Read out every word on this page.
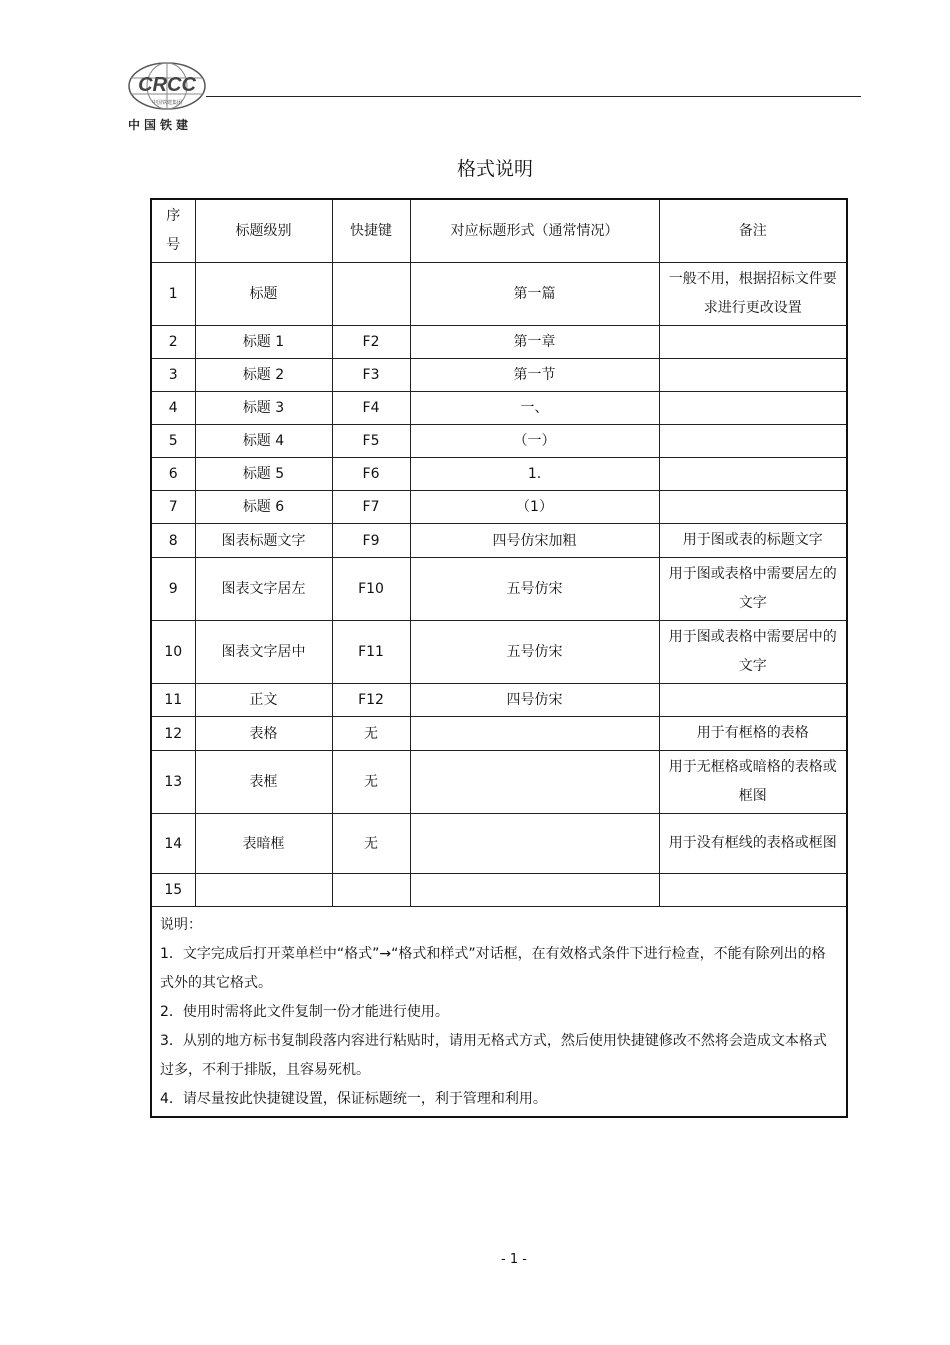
CRCC
中国铁建集团
中国铁建
格式说明
序号	标题级别	快捷键	对应标题形式（通常情况）	备注
1	标题		第一篇	一般不用，根据招标文件要求进行更改设置
2	标题 1	F2	第一章	
3	标题 2	F3	第一节	
4	标题 3	F4	一、	
5	标题 4	F5	（一）	
6	标题 5	F6	1.	
7	标题 6	F7	（1）	
8	图表标题文字	F9	四号仿宋加粗	用于图或表的标题文字
9	图表文字居左	F10	五号仿宋	用于图或表格中需要居左的文字
10	图表文字居中	F11	五号仿宋	用于图或表格中需要居中的文字
11	正文	F12	四号仿宋	
12	表格	无		用于有框格的表格
13	表框	无		用于无框格或暗格的表格或框图
14	表暗框	无		用于没有框线的表格或框图
15				

说明：

1．文字完成后打开菜单栏中“格式”→“格式和样式”对话框，在有效格式条件下进行检查，不能有除列出的格式外的其它格式。

2．使用时需将此文件复制一份才能进行使用。

3．从别的地方标书复制段落内容进行粘贴时，请用无格式方式，然后使用快捷键修改不然将会造成文本格式过多，不利于排版，且容易死机。

4．请尽量按此快捷键设置，保证标题统一，利于管理和利用。				

- 1 -
